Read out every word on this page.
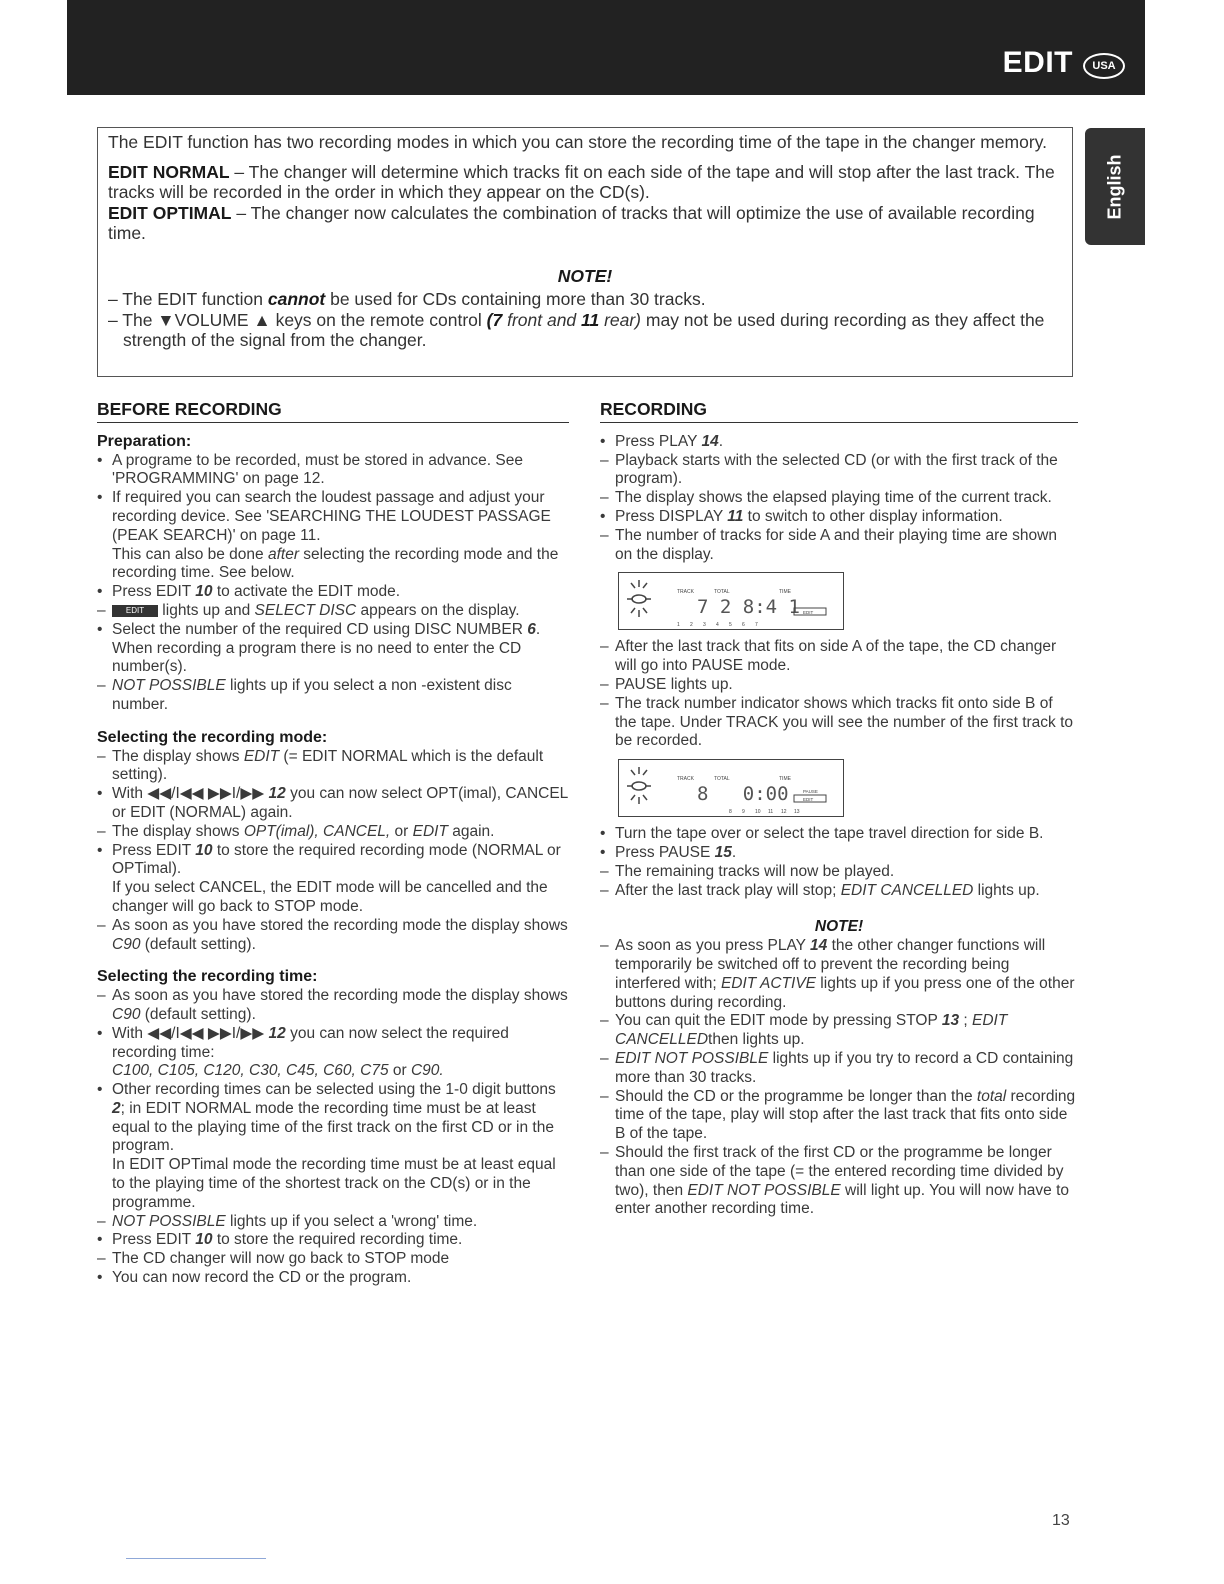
EDIT	USA
English

The EDIT function has two recording modes in which you can store the recording time of the tape in the changer memory.

EDIT NORMAL – The changer will determine which tracks fit on each side of the tape and will stop after the last track. The tracks will be recorded in the order in which they appear on the CD(s).

EDIT OPTIMAL – The changer now calculates the combination of tracks that will optimize the use of available recording time.

NOTE!

– The EDIT function cannot be used for CDs containing more than 30 tracks.

– The ▼VOLUME ▲ keys on the remote control (7 front and 11 rear) may not be used during recording as they affect the strength of the signal from the changer.

BEFORE RECORDING
Preparation:
• A programe to be recorded, must be stored in advance. See 'PROGRAMMING' on page 12.
• If required you can search the loudest passage and adjust your recording device. See 'SEARCHING THE LOUDEST PASSAGE (PEAK SEARCH)' on page 11.
This can also be done after selecting the recording mode and the recording time. See below.
• Press EDIT 10 to activate the EDIT mode.
–	EDIT lights up and SELECT DISC appears on the display.
• Select the number of the required CD using DISC NUMBER 6.
When recording a program there is no need to enter the CD number(s).
– NOT POSSIBLE lights up if you select a non -existent disc number.
Selecting the recording mode:
– The display shows EDIT (= EDIT NORMAL which is the default setting).
• With ◀◀/I◀◀ ▶▶I/▶▶ 12 you can now select OPT(imal), CANCEL or EDIT (NORMAL) again.
– The display shows OPT(imal), CANCEL, or EDIT again.
• Press EDIT 10 to store the required recording mode (NORMAL or OPTimal).
If you select CANCEL, the EDIT mode will be cancelled and the changer will go back to STOP mode.
– As soon as you have stored the recording mode the display shows C90 (default setting).
Selecting the recording time:
– As soon as you have stored the recording mode the display shows C90 (default setting).
• With ◀◀/I◀◀ ▶▶I/▶▶ 12 you can now select the required recording time:
C100, C105, C120, C30, C45, C60, C75 or C90.
• Other recording times can be selected using the 1-0 digit buttons 2; in EDIT NORMAL mode the recording time must be at least equal to the playing time of the first track on the first CD or in the program.
In EDIT OPTimal mode the recording time must be at least equal to the playing time of the shortest track on the CD(s) or in the programme.
– NOT POSSIBLE lights up if you select a 'wrong' time.
• Press EDIT 10 to store the required recording time.
– The CD changer will now go back to STOP mode
• You can now record the CD or the program.
RECORDING
• Press PLAY 14.
– Playback starts with the selected CD (or with the first track of the program).
– The display shows the elapsed playing time of the current track.
• Press DISPLAY 11 to switch to other display information.
– The number of tracks for side A and their playing time are shown on the display.
TRACK	TOTAL	TIME
7 2 8:4 1 EDIT
1 2 3 4 5 6 7
– After the last track that fits on side A of the tape, the CD changer will go into PAUSE mode.
– PAUSE lights up.
– The track number indicator shows which tracks fit onto side B of the tape. Under TRACK you will see the number of the first track to be recorded.
TRACK	TOTAL	TIME
8   0:00	PAUSE
EDIT
8 9 10 11 12 13
• Turn the tape over or select the tape travel direction for side B.
• Press PAUSE 15.
– The remaining tracks will now be played.
– After the last track play will stop; EDIT CANCELLED lights up.
NOTE!
– As soon as you press PLAY 14 the other changer functions will temporarily be switched off to prevent the recording being interfered with; EDIT ACTIVE lights up if you press one of the other buttons during recording.
– You can quit the EDIT mode by pressing STOP 13 ; EDIT CANCELLEDthen lights up.
– EDIT NOT POSSIBLE lights up if you try to record a CD containing more than 30 tracks.
– Should the CD or the programme be longer than the total recording time of the tape, play will stop after the last track that fits onto side B of the tape.
– Should the first track of the first CD or the programme be longer than one side of the tape (= the entered recording time divided by two), then EDIT NOT POSSIBLE will light up. You will now have to enter another recording time.
13
